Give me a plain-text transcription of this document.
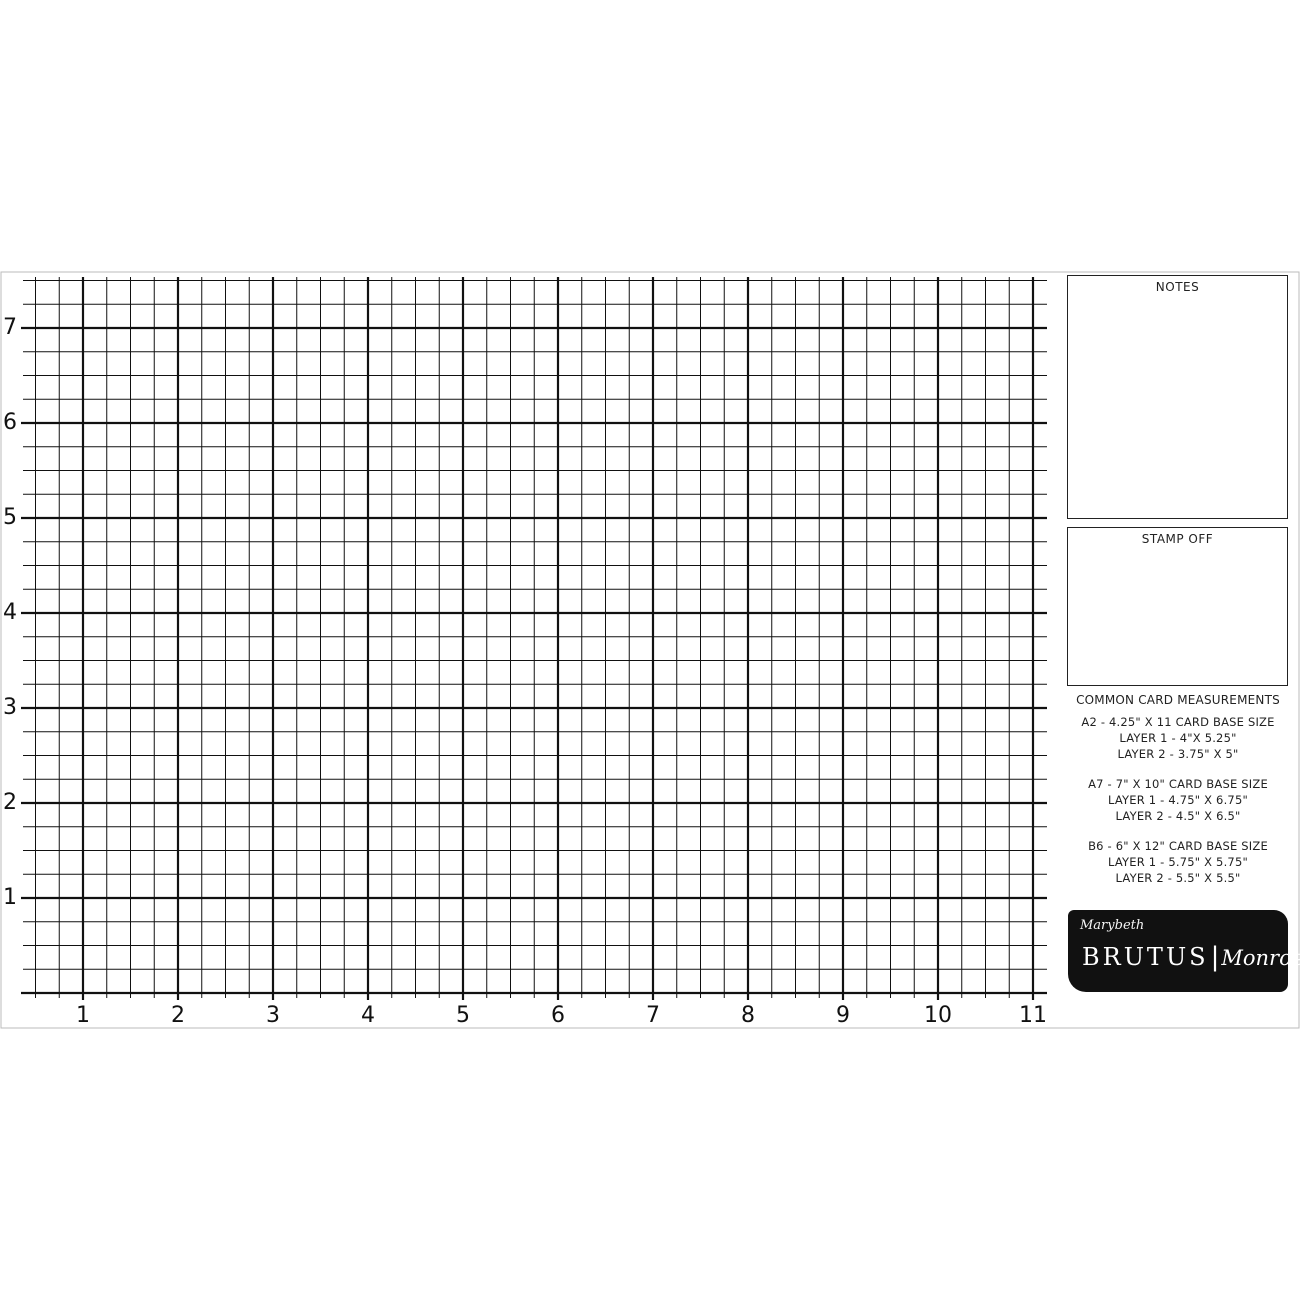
7
6
5
4
3
2
1
1	2	3	4	5	6	7	8	9	10	11
NOTES
STAMP OFF
COMMON CARD MEASUREMENTS
A2 - 4.25" X 11 CARD BASE SIZE
LAYER 1 - 4"X 5.25"
LAYER 2 - 3.75" X 5"
A7 - 7" X 10" CARD BASE SIZE
LAYER 1 - 4.75" X 6.75"
LAYER 2 - 4.5" X 6.5"
B6 - 6" X 12" CARD BASE SIZE
LAYER 1 - 5.75" X 5.75"
LAYER 2 - 5.5" X 5.5"
Marybeth
BRUTUS|Monroe
